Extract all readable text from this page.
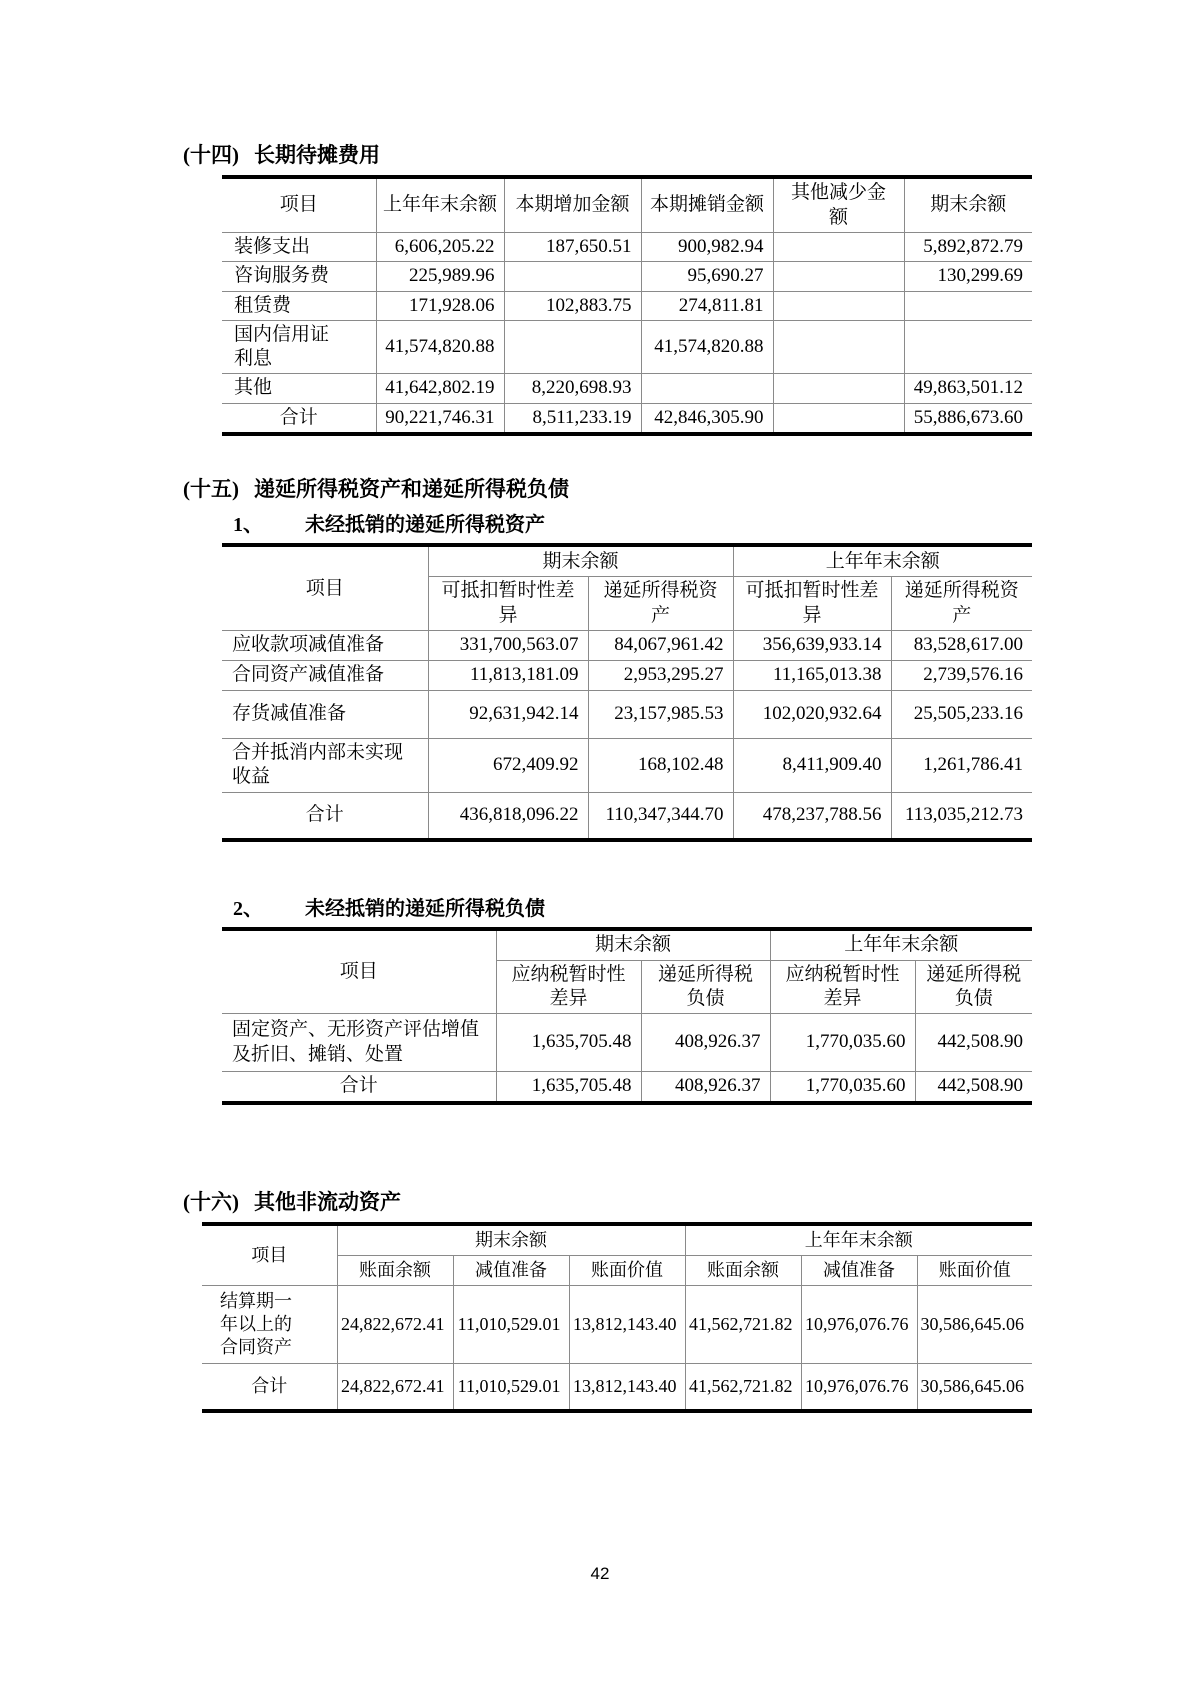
(十四) 长期待摊费用
项目	上年年末余额	本期增加金额	本期摊销金额	其他减少金额	期末余额
装修支出	6,606,205.22	187,650.51	900,982.94		5,892,872.79
咨询服务费	225,989.96		95,690.27		130,299.69
租赁费	171,928.06	102,883.75	274,811.81		
国内信用证利息	41,574,820.88		41,574,820.88		
其他	41,642,802.19	8,220,698.93			49,863,501.12
合计	90,221,746.31	8,511,233.19	42,846,305.90		55,886,673.60
(十五) 递延所得税资产和递延所得税负债
1、 未经抵销的递延所得税资产
项目	期末余额		上年年末余额	
	可抵扣暂时性差异	递延所得税资产	可抵扣暂时性差异	递延所得税资产
应收款项减值准备	331,700,563.07	84,067,961.42	356,639,933.14	83,528,617.00
合同资产减值准备	11,813,181.09	2,953,295.27	11,165,013.38	2,739,576.16
存货减值准备	92,631,942.14	23,157,985.53	102,020,932.64	25,505,233.16
合并抵消内部未实现收益	672,409.92	168,102.48	8,411,909.40	1,261,786.41
合计	436,818,096.22	110,347,344.70	478,237,788.56	113,035,212.73
2、 未经抵销的递延所得税负债
项目	期末余额		上年年末余额	
	应纳税暂时性差异	递延所得税负债	应纳税暂时性差异	递延所得税负债
固定资产、无形资产评估增值及折旧、摊销、处置	1,635,705.48	408,926.37	1,770,035.60	442,508.90
合计	1,635,705.48	408,926.37	1,770,035.60	442,508.90
(十六) 其他非流动资产
项目	期末余额			上年年末余额		
	账面余额	减值准备	账面价值	账面余额	减值准备	账面价值
结算期一年以上的合同资产	24,822,672.41	11,010,529.01	13,812,143.40	41,562,721.82	10,976,076.76	30,586,645.06
合计	24,822,672.41	11,010,529.01	13,812,143.40	41,562,721.82	10,976,076.76	30,586,645.06
42
